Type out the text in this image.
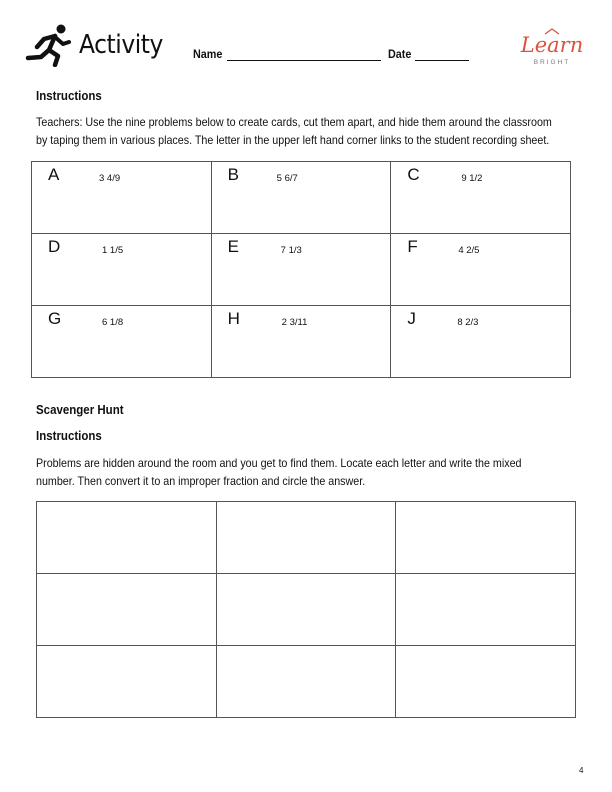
Activity	Name	Date	Learn
BRIGHT
Instructions
Teachers: Use the nine problems below to create cards, cut them apart, and hide them around the classroom
by taping them in various places. The letter in the upper left hand corner links to the student recording sheet.
A 3 4/9	B 5 6/7	C 9 1/2

D 1 1/5	E 7 1/3	F 4 2/5

G 6 1/8	H 2 3/11	J 8 2/3
Scavenger Hunt
Instructions
Problems are hidden around the room and you get to find them. Locate each letter and write the mixed
number. Then convert it to an improper fraction and circle the answer.

4
